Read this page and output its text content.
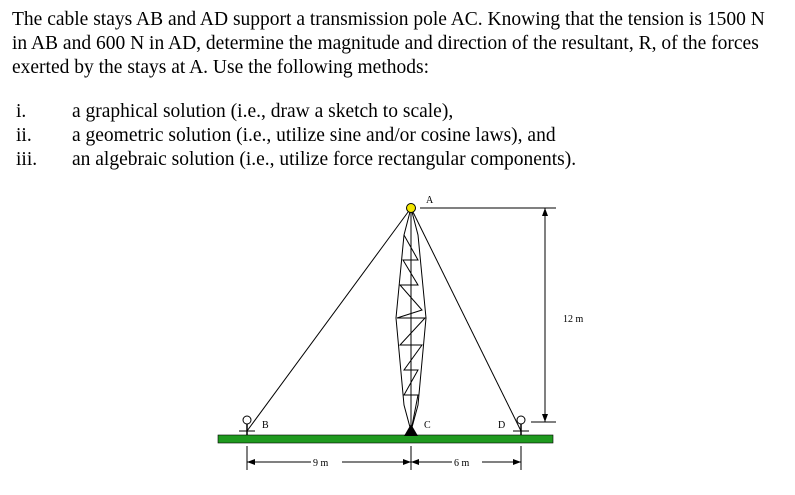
The cable stays AB and AD support a transmission pole AC. Knowing that the tension is 1500 N in AB and 600 N in AD, determine the magnitude and direction of the resultant, R, of the forces exerted by the stays at A. Use the following methods:

i.	a graphical solution (i.e., draw a sketch to scale),
ii.	a geometric solution (i.e., utilize sine and/or cosine laws), and
iii.	an algebraic solution (i.e., utilize force rectangular components).
A
B	C	D
12 m
9 m	6 m
